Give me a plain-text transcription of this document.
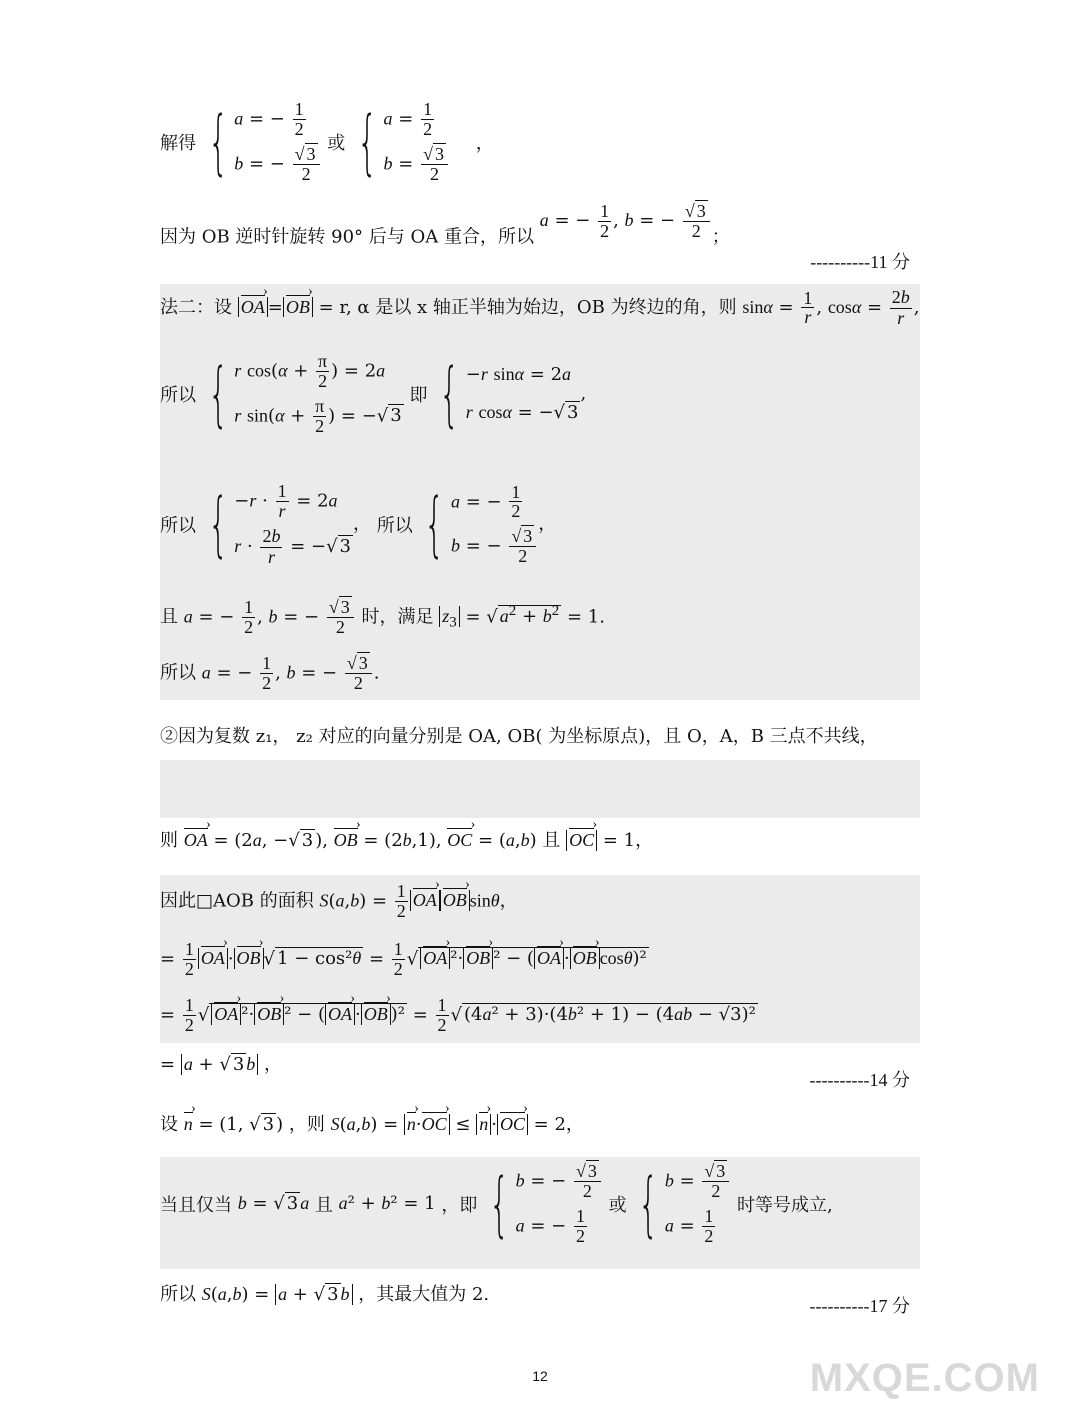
解得 { a = − $\frac{1}{2}$
b = − $\frac{√ 3}{2}$
或 { $a = \frac{1}{2}$
$b = \frac{√ 3}{2}$
，
因为 OB 逆时针旋转 90° 后与 OA 重合，所以 a = − $\frac{1}{2}$ , b = − $\frac{√ 3}{2}$ ；
----------11 分
法二：设 OA › = OB › = r, α 是以 x 轴正半轴为始边，OB 为终边的角，则 $\sin\alpha = \frac{1}{r}$ , $\cos\alpha = \frac{2b}{r}$ ,
所以 { r $\cos(\alpha + \frac{\pi}{2}$ ) = 2a
r $\sin(\alpha + \frac{\pi}{2}$ ) = −√ 3
即 { −r sinα = 2a
r cosα = −√ 3
,
所以 { $-r \cdot \frac{1}{r} = 2a$
$r \cdot \frac{2b}{r}$ = −√ 3
， 所以 { a = − $\frac{1}{2}$
b = − $\frac{√ 3}{2}$
，
且 a = − $\frac{1}{2}$ , b = − $\frac{√ 3}{2}$ 时，满足 $z_3$ = √ $a^2 + b^2 = 1$.
所以 a = − $\frac{1}{2}$ , b = − $\frac{√ 3}{2}$ .
②因为复数 z₁， z₂ 对应的向量分别是 OA, OB( 为坐标原点)，且 O，A，B 三点不共线，
则 OA › = (2a, −√ 3 ), OB › = (2b,1), OC › = (a,b) 且 OC › = 1，
因此□AOB 的面积 $S(a,b) = \frac{1}{2}$ OA › OB › sinθ，
= $\frac{1}{2}$ OA › · OB › √ $1 - \cos^2\theta = \frac{1}{2}$ √ OA › ²· OB › ² − ( OA › · OB › cosθ)²
= $\frac{1}{2}$ √ OA › ²· OB › ² − ( OA › · OB › )$^2 = \frac{1}{2}$ √ (4a² + 3)·(4b² + 1) − (4ab − √3)²
= a + √ 3 b ，
----------14 分
设 n › = (1, √ 3 ) ，则 S(a,b) = n ›·OC › ≤ n › · OC › = 2，
当且仅当 b = √ 3 a 且 a² + b² = 1 ，即 { b = − $\frac{√ 3}{2}$
a = − $\frac{1}{2}$
或 { $b = \frac{√ 3}{2}$
$a = \frac{1}{2}$
时等号成立,
所以 S(a,b) = a + √ 3 b ，其最大值为 2.
----------17 分
12	MXQE.COM
